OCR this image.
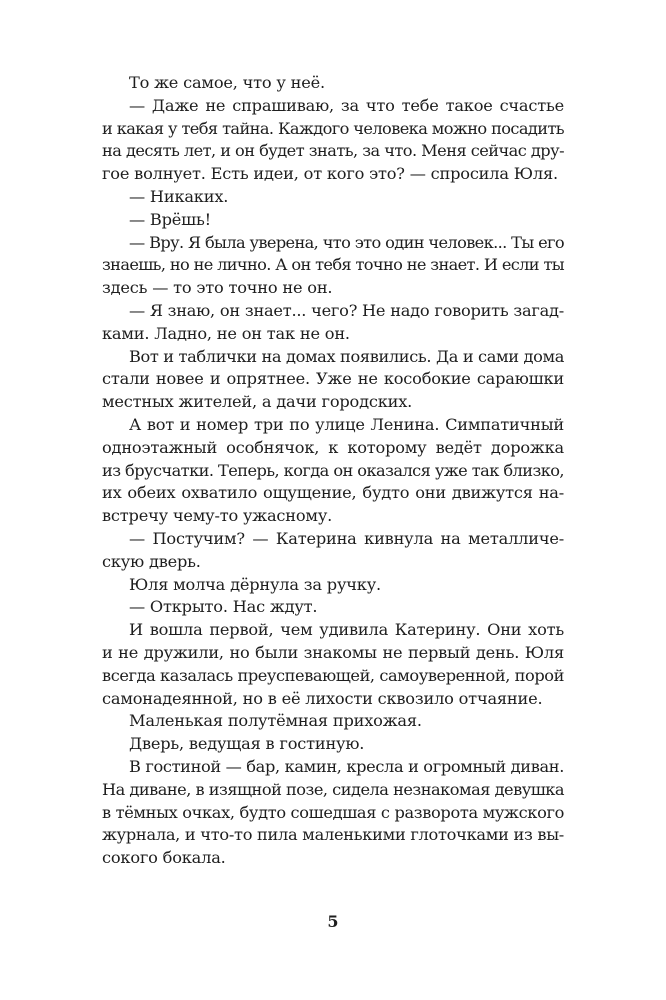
То же самое, что у неё.
— Даже не спрашиваю, за что тебе такое счастье
и какая у тебя тайна. Каждого человека можно посадить
на десять лет, и он будет знать, за что. Меня сейчас дру-
гое волнует. Есть идеи, от кого это? — спросила Юля.
— Никаких.
— Врёшь!
— Вру. Я была уверена, что это один человек... Ты его
знаешь, но не лично. А он тебя точно не знает. И если ты
здесь — то это точно не он.
— Я знаю, он знает... чего? Не надо говорить загад-
ками. Ладно, не он так не он.
Вот и таблички на домах появились. Да и сами дома
стали новее и опрятнее. Уже не кособокие сараюшки
местных жителей, а дачи городских.
А вот и номер три по улице Ленина. Симпатичный
одноэтажный особнячок, к которому ведёт дорожка
из брусчатки. Теперь, когда он оказался уже так близко,
их обеих охватило ощущение, будто они движутся на-
встречу чему-то ужасному.
— Постучим? — Катерина кивнула на металличе-
скую дверь.
Юля молча дёрнула за ручку.
— Открыто. Нас ждут.
И вошла первой, чем удивила Катерину. Они хоть
и не дружили, но были знакомы не первый день. Юля
всегда казалась преуспевающей, самоуверенной, порой
самонадеянной, но в её лихости сквозило отчаяние.
Маленькая полутёмная прихожая.
Дверь, ведущая в гостиную.
В гостиной — бар, камин, кресла и огромный диван.
На диване, в изящной позе, сидела незнакомая девушка
в тёмных очках, будто сошедшая с разворота мужского
журнала, и что-то пила маленькими глоточками из вы-
сокого бокала.
5
